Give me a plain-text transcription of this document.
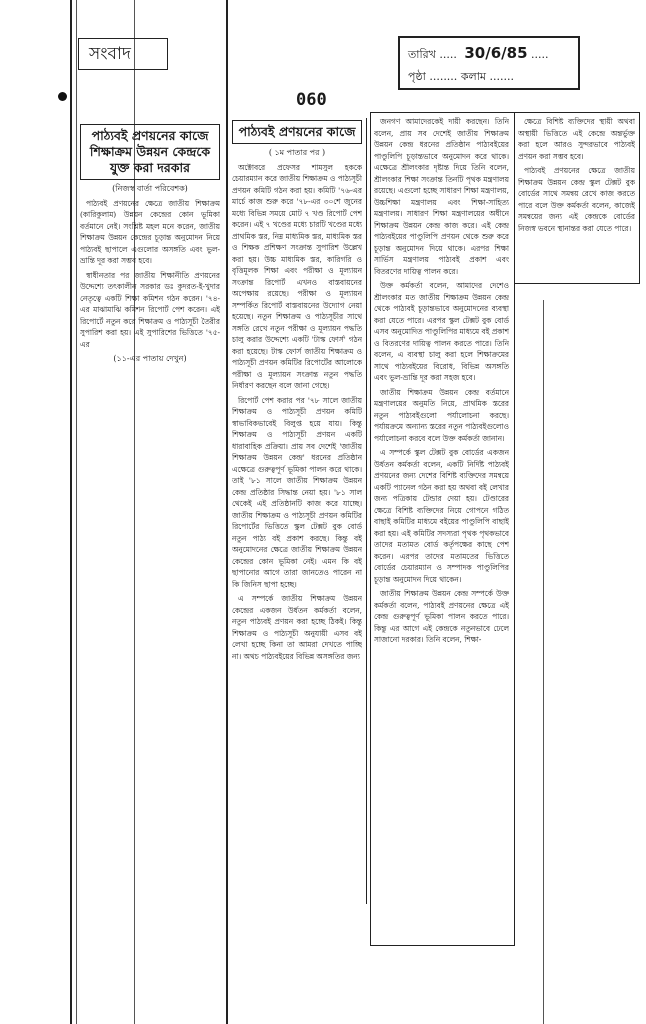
সংবাদ	তারিখ ..... 30/6/85 .....
পৃষ্ঠা ........ কলাম .......
060

পাঠ্যবই প্রণয়নের কাজে শিক্ষাক্রম উন্নয়ন কেন্দ্রকে যুক্ত করা দরকার

(নিজস্ব বার্তা পরিবেশক)

পাঠ্যবই প্রণয়নের ক্ষেত্রে জাতীয় শিক্ষাক্রম (কারিকুলাম) উন্নয়ন কেন্দ্রের কোন ভূমিকা বর্তমানে নেই। সংশ্লিষ্ট মহল মনে করেন, জাতীয় শিক্ষাক্রম উন্নয়ন কেন্দ্রের চূড়ান্ত অনুমোদন নিয়ে পাঠ্যবই ছাপালে এগুলোর অসঙ্গতি এবং ভুল-ভ্রান্তি দূর করা সম্ভব হবে।

স্বাধীনতার পর জাতীয় শিক্ষানীতি প্রণয়নের উদ্দেশ্যে তৎকালীন সরকার ডঃ কুদরত-ই-খুদার নেতৃত্বে একটি শিক্ষা কমিশন গঠন করেন। '৭৪-এর মাঝামাঝি কমিশন রিপোর্ট পেশ করেন। এই রিপোর্টে নতুন করে শিক্ষাক্রম ও পাঠ্যসূচী তৈরীর সুপারিশ করা হয়। এই সুপারিশের ভিত্তিতে '৭৫-এর

(১১-এর পাতায় দেখুন)

পাঠ্যবই প্রণয়নের কাজে

( ১ম পাতার পর )

অক্টোবরে প্রফেসর শামসুল হককে চেয়ারম্যান করে জাতীয় শিক্ষাক্রম ও পাঠ্যসূচী প্রণয়ন কমিটি গঠন করা হয়। কমিটি '৭৬-এর মার্চে কাজ শুরু করে '৭৮-এর ৩০শে জুনের মধ্যে বিভিন্ন সময়ে মোট ৭ খণ্ড রিপোর্ট পেশ করেন। এই ৭ খণ্ডের মধ্যে চারটি খণ্ডের মধ্যে প্রাথমিক স্তর, নিম্ন মাধ্যমিক স্তর, মাধ্যমিক স্তর ও শিক্ষক প্রশিক্ষণ সংক্রান্ত সুপারিশ উল্লেখ করা হয়। উচ্চ মাধ্যমিক স্তর, কারিগরি ও বৃত্তিমূলক শিক্ষা এবং পরীক্ষা ও মূল্যায়ন সংক্রান্ত রিপোর্ট এখনও বাস্তবায়নের অপেক্ষায় রয়েছে। পরীক্ষা ও মূল্যায়ন সম্পর্কিত রিপোর্ট বাস্তবায়নের উদ্যোগ নেয়া হয়েছে। নতুন শিক্ষাক্রম ও পাঠ্যসূচীর সাথে সঙ্গতি রেখে নতুন পরীক্ষা ও মূল্যায়ন পদ্ধতি চালু করার উদ্দেশ্যে একটি 'টাস্ক ফোর্স' গঠন করা হয়েছে। টাস্ক ফোর্স জাতীয় শিক্ষাক্রম ও পাঠ্যসূচী প্রণয়ন কমিটির রিপোর্টের আলোকে পরীক্ষা ও মূল্যায়ন সংক্রান্ত নতুন পদ্ধতি নির্ধারণ করছেন বলে জানা গেছে।

রিপোর্ট পেশ করার পর '৭৮ সালে জাতীয় শিক্ষাক্রম ও পাঠ্যসূচী প্রণয়ন কমিটি স্বাভাবিকভাবেই বিলুপ্ত হয়ে যায়। কিন্তু শিক্ষাক্রম ও পাঠ্যসূচী প্রণয়ন একটি ধারাবাহিক প্রক্রিয়া। প্রায় সব দেশেই 'জাতীয় শিক্ষাক্রম উন্নয়ন কেন্দ্র' ধরনের প্রতিষ্ঠান এক্ষেত্রে গুরুত্বপূর্ণ ভূমিকা পালন করে থাকে। তাই '৮১ সালে জাতীয় শিক্ষাক্রম উন্নয়ন কেন্দ্র প্রতিষ্ঠার সিদ্ধান্ত নেয়া হয়। '৮১ সাল থেকেই এই প্রতিষ্ঠানটি কাজ করে যাচ্ছে। জাতীয় শিক্ষাক্রম ও পাঠ্যসূচী প্রণয়ন কমিটির রিপোর্টের ভিত্তিতে স্কুল টেক্সট বুক বোর্ড নতুন পাঠ্য বই প্রকাশ করছে। কিন্তু বই অনুমোদনের ক্ষেত্রে জাতীয় শিক্ষাক্রম উন্নয়ন কেন্দ্রের কোন ভূমিকা নেই। এমন কি বই ছাপানোর আগে তারা জানতেও পারেন না কি জিনিস ছাপা হচ্ছে।

এ সম্পর্কে জাতীয় শিক্ষাক্রম উন্নয়ন কেন্দ্রের একজন উর্ধতন কর্মকর্তা বলেন, নতুন পাঠ্যবই প্রণয়ন করা হচ্ছে ঠিকই। কিন্তু শিক্ষাক্রম ও পাঠ্যসূচী অনুযায়ী এসব বই লেখা হচ্ছে কিনা তা আমরা দেখতে পাচ্ছি না। অথচ পাঠ্যবইয়ের বিভিন্ন অসঙ্গতির জন্য

জনগণ আমাদেরকেই দায়ী করছেন। তিনি বলেন, প্রায় সব দেশেই জাতীয় শিক্ষাক্রম উন্নয়ন কেন্দ্র ধরনের প্রতিষ্ঠান পাঠ্যবইয়ের পাণ্ডুলিপি চূড়ান্তভাবে অনুমোদন করে থাকে। এক্ষেত্রে শ্রীলংকার দৃষ্টান্ত দিয়ে তিনি বলেন, শ্রীলংকার শিক্ষা সংক্রান্ত তিনটি পৃথক মন্ত্রণালয় রয়েছে। এগুলো হচ্ছে সাধারণ শিক্ষা মন্ত্রণালয়, উচ্চশিক্ষা মন্ত্রণালয় এবং শিক্ষা-সাহিত্য মন্ত্রণালয়। সাধারণ শিক্ষা মন্ত্রণালয়ের অধীনে শিক্ষাক্রম উন্নয়ন কেন্দ্র কাজ করে। এই কেন্দ্র পাঠ্যবইয়ের পাণ্ডুলিপি প্রণয়ন থেকে শুরু করে চূড়ান্ত অনুমোদন দিয়ে থাকে। এরপর শিক্ষা সার্ভিস মন্ত্রণালয় পাঠ্যবই প্রকাশ এবং বিতরণের দায়িত্ব পালন করে।

উক্ত কর্মকর্তা বলেন, আমাদের দেশেও শ্রীলংকার মত জাতীয় শিক্ষাক্রম উন্নয়ন কেন্দ্র থেকে পাঠ্যবই চূড়ান্তভাবে অনুমোদনের ব্যবস্থা করা যেতে পারে। এরপর স্কুল টেক্সট বুক বোর্ড এসব অনুমোদিত পাণ্ডুলিপির মাধ্যমে বই প্রকাশ ও বিতরণের দায়িত্ব পালন করতে পারে। তিনি বলেন, এ ব্যবস্থা চালু করা হলে শিক্ষাক্রমের সাথে পাঠ্যবইয়ের বিরোধ, বিভিন্ন অসঙ্গতি এবং ভুল-ভ্রান্তি দূর করা সহজ হবে।

জাতীয় শিক্ষাক্রম উন্নয়ন কেন্দ্র বর্তমানে মন্ত্রণালয়ের অনুমতি নিয়ে, প্রাথমিক স্তরের নতুন পাঠ্যবইগুলো পর্যালোচনা করছে। পর্যায়ক্রমে অন্যান্য স্তরের নতুন পাঠ্যবইগুলোও পর্যালোচনা করবে বলে উক্ত কর্মকর্তা জানান।

এ সম্পর্কে স্কুল টেক্সট বুক বোর্ডের একজন উর্ধতন কর্মকর্তা বলেন, একটি নির্দিষ্ট পাঠ্যবই প্রণয়নের জন্য দেশের বিশিষ্ট ব্যক্তিদের সমন্বয়ে একটি প্যানেল গঠন করা হয় অথবা বই লেখার জন্য পত্রিকায় টেন্ডার দেয়া হয়। টেণ্ডারের ক্ষেত্রে বিশিষ্ট ব্যক্তিদের নিয়ে গোপনে গঠিত বাছাই কমিটির মাধ্যমে বইয়ের পাণ্ডুলিপি বাছাই করা হয়। এই কমিটির সদস্যরা পৃথক পৃথকভাবে তাদের মতামত বোর্ড কর্তৃপক্ষের কাছে পেশ করেন। এরপর তাদের মতামতের ভিত্তিতে বোর্ডের চেয়ারম্যান ও সম্পাদক পাণ্ডুলিপির চূড়ান্ত অনুমোদন দিয়ে থাকেন।

জাতীয় শিক্ষাক্রম উন্নয়ন কেন্দ্র সম্পর্কে উক্ত কর্মকর্তা বলেন, পাঠ্যবই প্রণয়নের ক্ষেত্রে এই কেন্দ্র গুরুত্বপূর্ণ ভূমিকা পালন করতে পারে। কিন্তু এর আগে এই কেন্দ্রকে নতুনভাবে ঢেলে সাজানো দরকার। তিনি বলেন, শিক্ষা-

ক্ষেত্রে বিশিষ্ট ব্যক্তিদের স্থায়ী অথবা অস্থায়ী ভিত্তিতে এই কেন্দ্রে অন্তর্ভুক্ত করা হলে আরও সুন্দরভাবে পাঠ্যবই প্রণয়ন করা সম্ভব হবে।

পাঠ্যবই প্রণয়নের ক্ষেত্রে জাতীয় শিক্ষাক্রম উন্নয়ন কেন্দ্র স্কুল টেক্সট বুক বোর্ডের সাথে সমন্বয় রেখে কাজ করতে পারে বলে উক্ত কর্মকর্তা বলেন, কাজেই সমন্বয়ের জন্য এই কেন্দ্রকে বোর্ডের নিজস্ব ভবনে স্থানান্তর করা যেতে পারে।
